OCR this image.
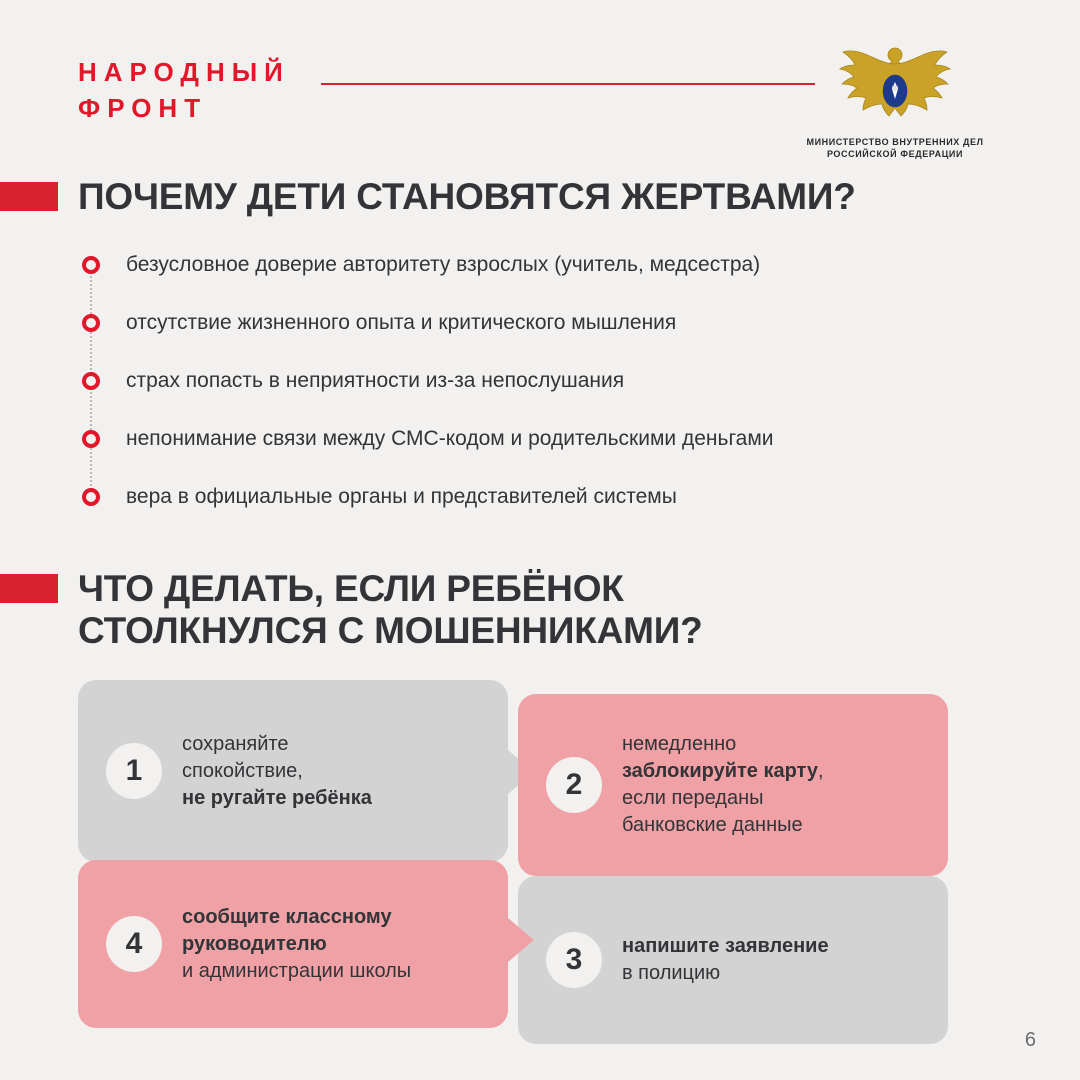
НАРОДНЫЙ
ФРОНТ
МИНИСТЕРСТВО ВНУТРЕННИХ ДЕЛ
РОССИЙСКОЙ ФЕДЕРАЦИИ
ПОЧЕМУ ДЕТИ СТАНОВЯТСЯ ЖЕРТВАМИ?
безусловное доверие авторитету взрослых (учитель, медсестра)
отсутствие жизненного опыта и критического мышления
страх попасть в неприятности из-за непослушания
непонимание связи между СМС-кодом и родительскими деньгами
вера в официальные органы и представителей системы
ЧТО ДЕЛАТЬ, ЕСЛИ РЕБЁНОК
СТОЛКНУЛСЯ С МОШЕННИКАМИ?
1
сохраняйте
спокойствие,
не ругайте ребёнка	2
немедленно
заблокируйте карту,
если переданы
банковские данные
3	напишите заявление
в полицию
4
сообщите классному
руководителю
и администрации школы
6
